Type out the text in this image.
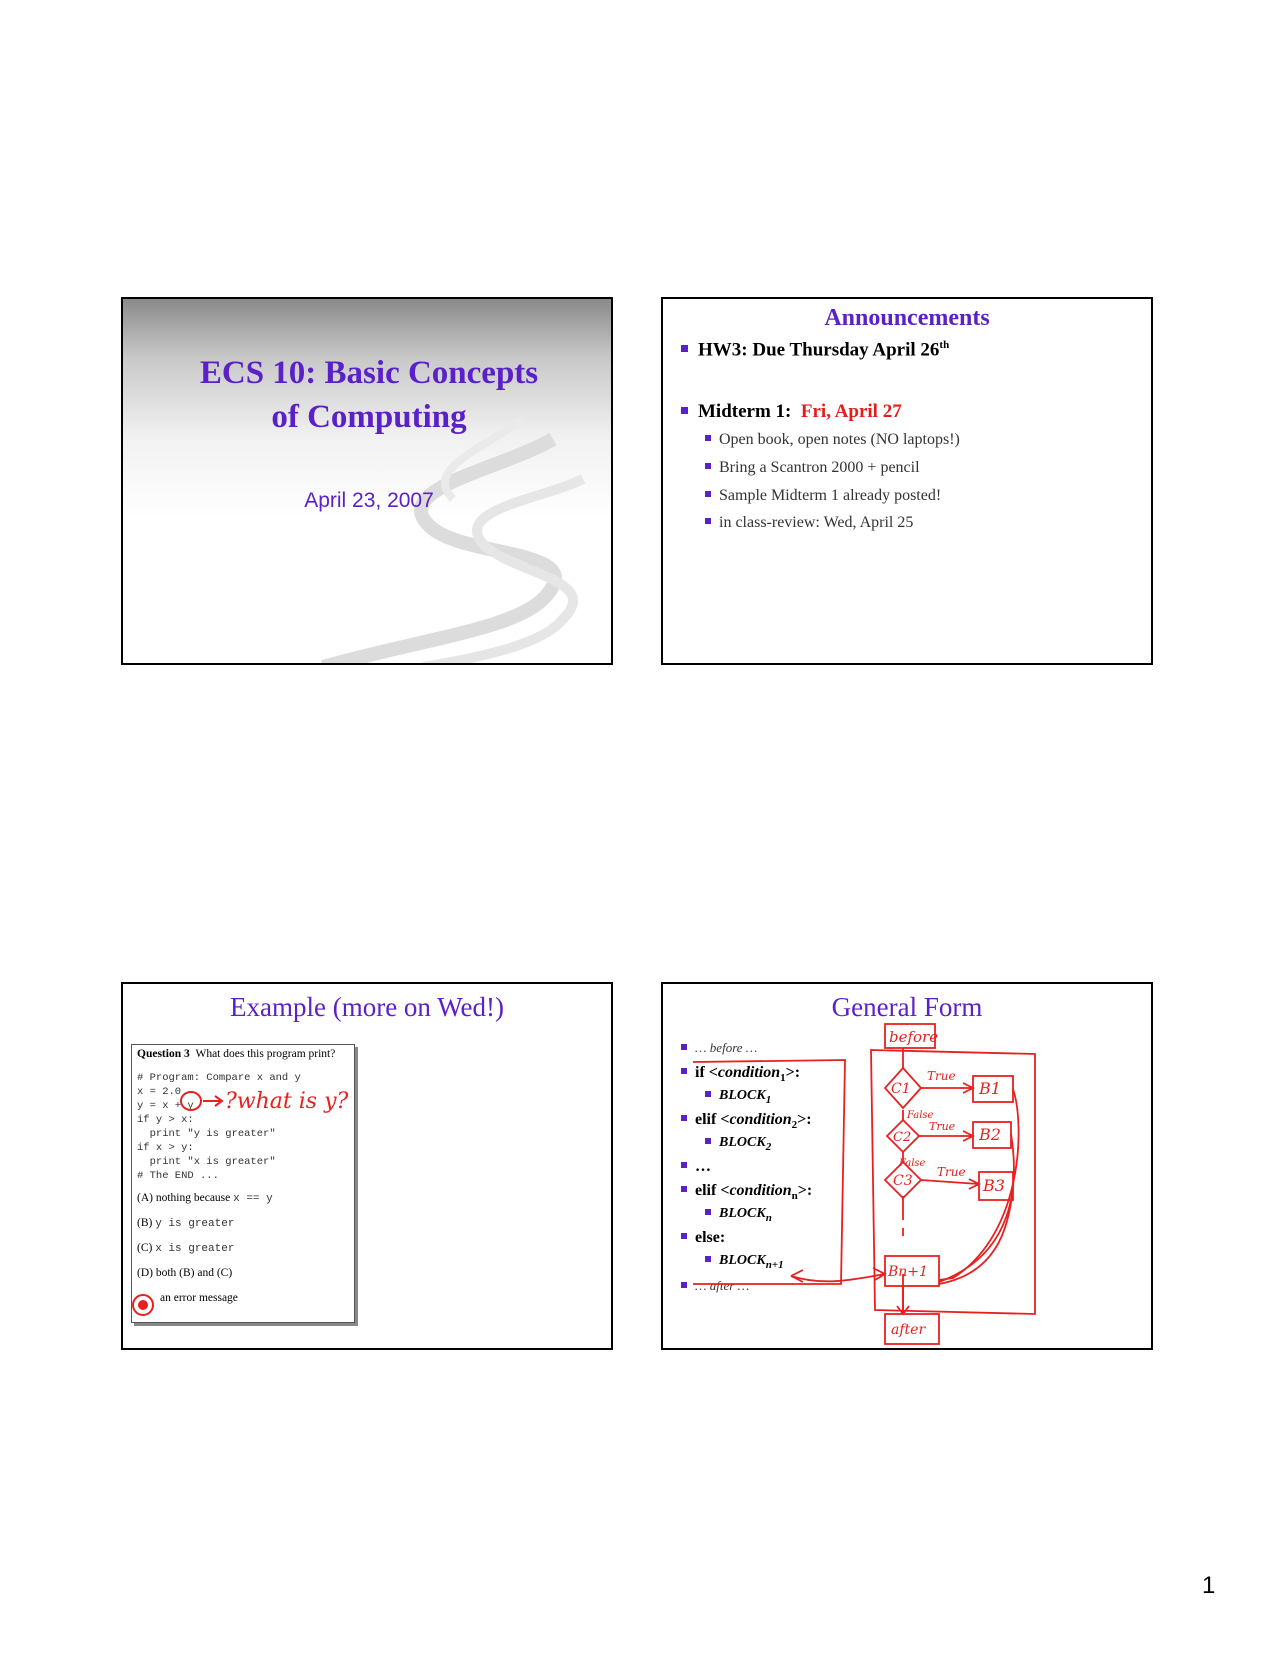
ECS 10: Basic Concepts
of Computing
April 23, 2007
Announcements
HW3: Due Thursday April 26th
Midterm 1: Fri, April 27
Open book, open notes (NO laptops!)
Bring a Scantron 2000 + pencil
Sample Midterm 1 already posted!
in class-review: Wed, April 25
Example (more on Wed!)
Question 3 What does this program print?
# Program: Compare x and y
x = 2.0
y = x + y
if y > x:
print "y is greater"
if x > y:
print "x is greater"
# The END ...
(A) nothing because x == y
(B) y is greater
(C) x is greater
(D) both (B) and (C)
an error message
?what is y?
General Form
… before …
if <condition$_1$>:
$BLOCK_1$
elif <condition$_2$>:
$BLOCK_2$
…
elif <condition$_n$>:
$BLOCK_n$
else:
$BLOCK_{n+1}$
… after …
before
C1
C2
C3
B1
B2
B3
Bn+1
after
True
True
True
False
False
1
